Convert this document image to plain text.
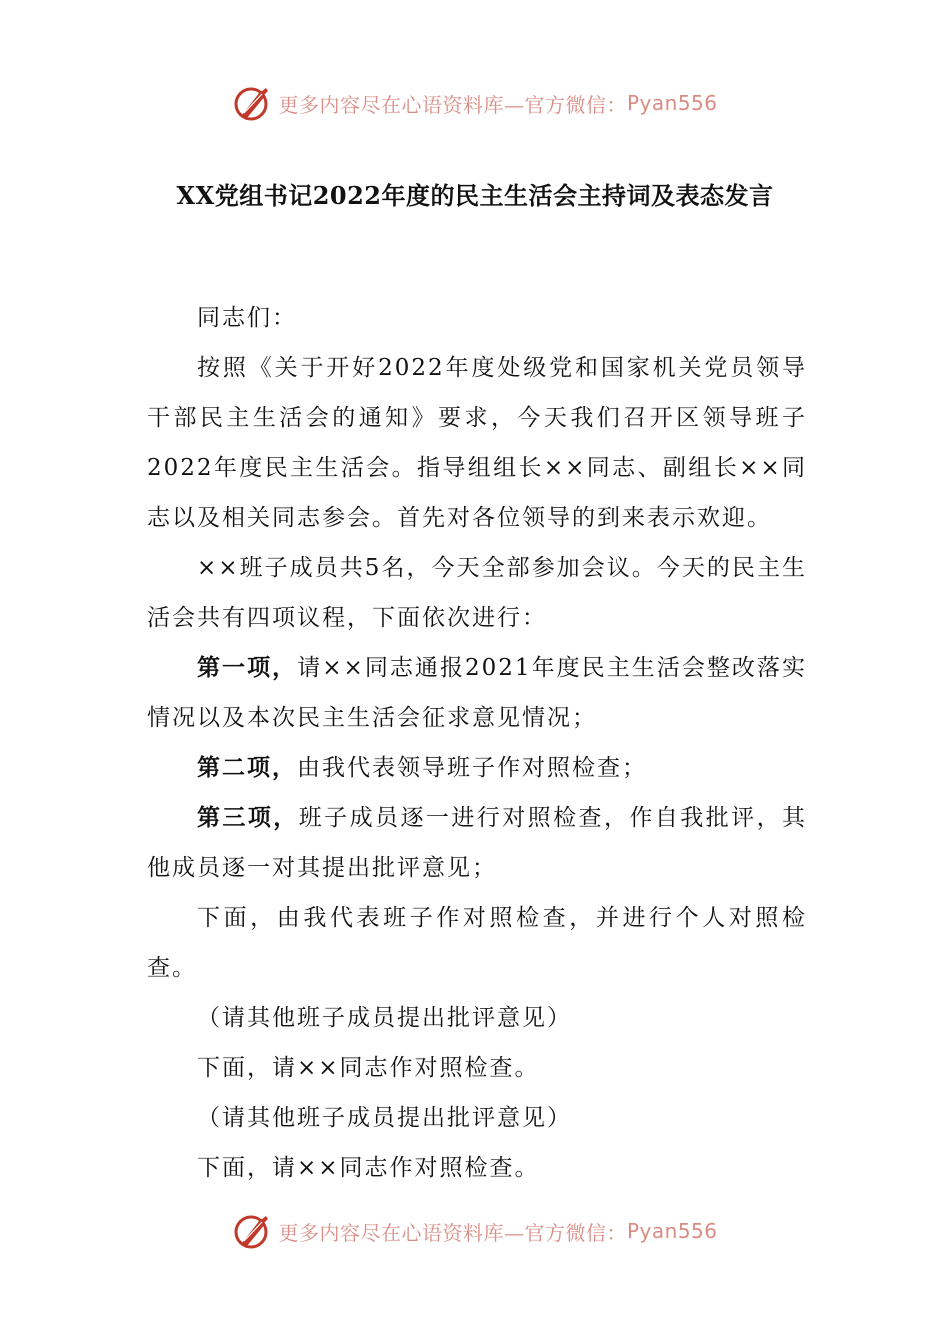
更多内容尽在心语资料库—官方微信： Pyan556
XX党组书记2022年度的民主生活会主持词及表态发言

同志们：

按照《关于开好2022年度处级党和国家机关党员领导干部民主生活会的通知》要求，今天我们召开区领导班子2022年度民主生活会。指导组组长××同志、副组长××同志以及相关同志参会。首先对各位领导的到来表示欢迎。

××班子成员共5名，今天全部参加会议。今天的民主生活会共有四项议程，下面依次进行：

第一项，请××同志通报2021年度民主生活会整改落实情况以及本次民主生活会征求意见情况；

第二项，由我代表领导班子作对照检查；

第三项，班子成员逐一进行对照检查，作自我批评，其他成员逐一对其提出批评意见；

下面，由我代表班子作对照检查，并进行个人对照检查。

（请其他班子成员提出批评意见）

下面，请××同志作对照检查。

（请其他班子成员提出批评意见）

下面，请××同志作对照检查。

更多内容尽在心语资料库—官方微信： Pyan556
